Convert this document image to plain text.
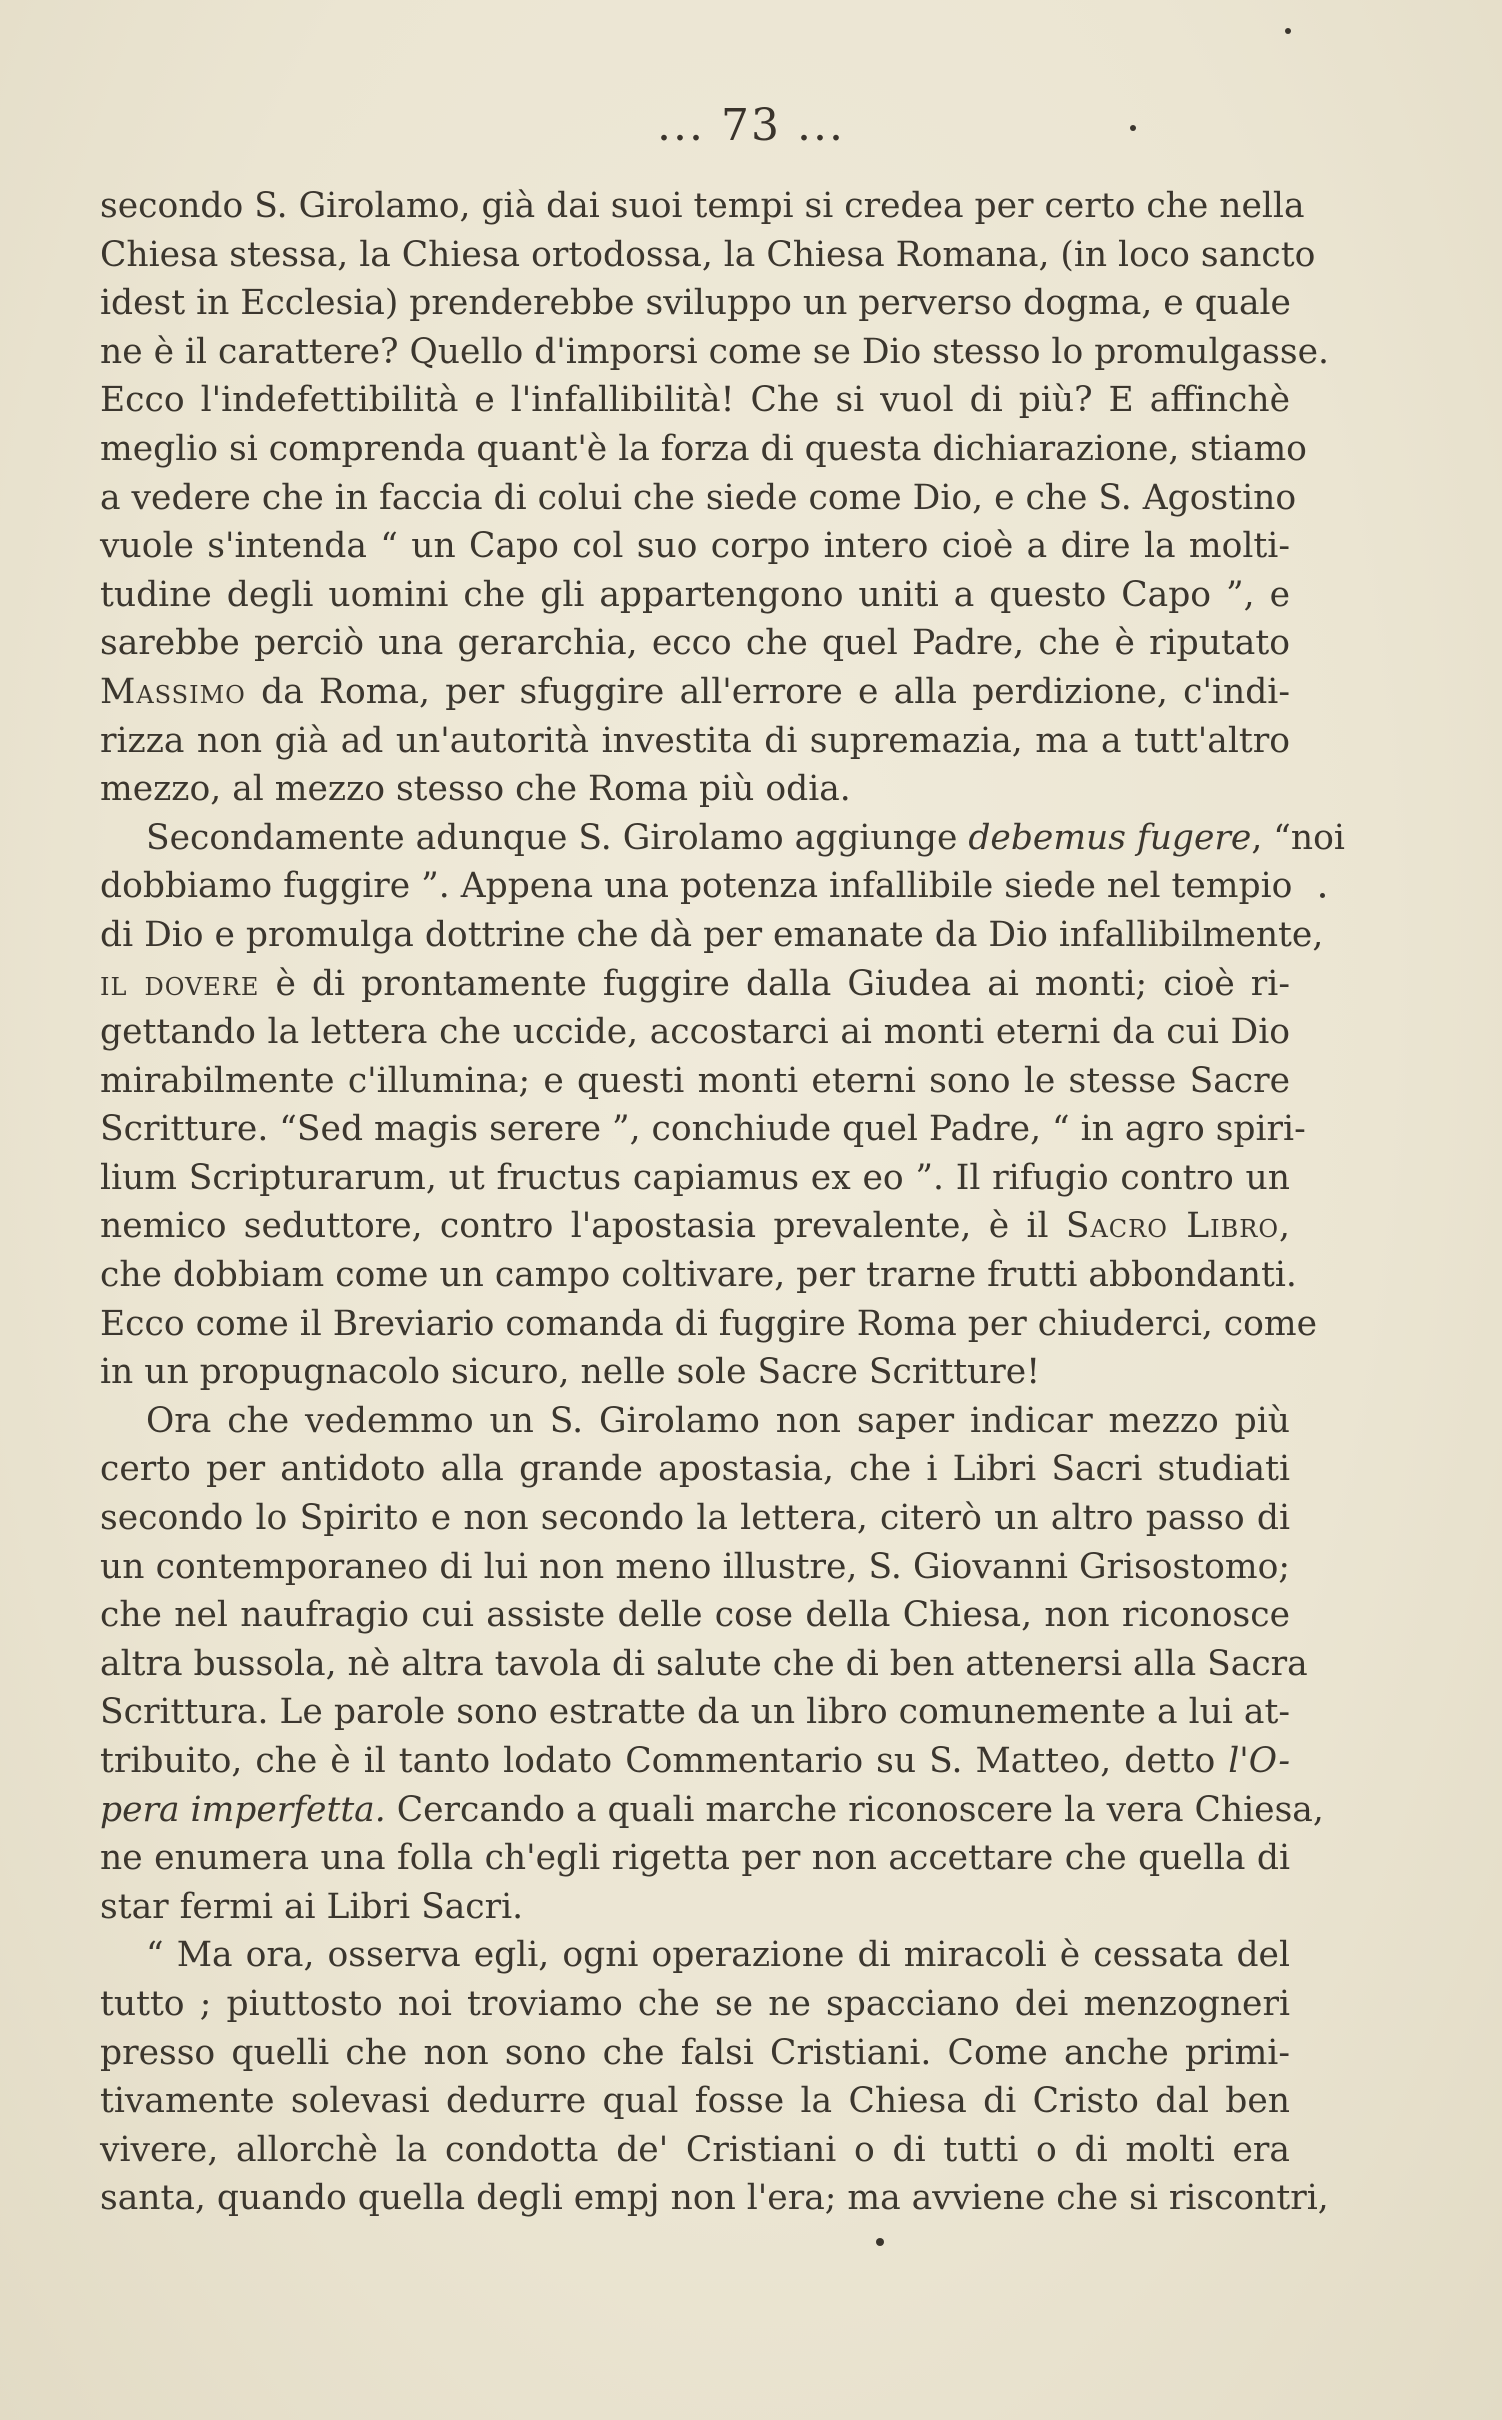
... 73 ...
secondo S. Girolamo, già dai suoi tempi si credea per certo che nella
Chiesa stessa, la Chiesa ortodossa, la Chiesa Romana, (in loco sancto
idest in Ecclesia) prenderebbe sviluppo un perverso dogma, e quale
ne è il carattere? Quello d'imporsi come se Dio stesso lo promulgasse.
Ecco l'indefettibilità e l'infallibilità! Che si vuol di più? E affinchè
meglio si comprenda quant'è la forza di questa dichiarazione, stiamo
a vedere che in faccia di colui che siede come Dio, e che S. Agostino
vuole s'intenda “ un Capo col suo corpo intero cioè a dire la molti-
tudine degli uomini che gli appartengono uniti a questo Capo ”, e
sarebbe perciò una gerarchia, ecco che quel Padre, che è riputato
Massimo da Roma, per sfuggire all'errore e alla perdizione, c'indi-
rizza non già ad un'autorità investita di supremazia, ma a tutt'altro
mezzo, al mezzo stesso che Roma più odia.
Secondamente adunque S. Girolamo aggiunge debemus fugere, “noi
dobbiamo fuggire ”. Appena una potenza infallibile siede nel tempio
di Dio e promulga dottrine che dà per emanate da Dio infallibilmente,
il dovere è di prontamente fuggire dalla Giudea ai monti; cioè ri-
gettando la lettera che uccide, accostarci ai monti eterni da cui Dio
mirabilmente c'illumina; e questi monti eterni sono le stesse Sacre
Scritture. “Sed magis serere ”, conchiude quel Padre, “ in agro spiri-
lium Scripturarum, ut fructus capiamus ex eo ”. Il rifugio contro un
nemico seduttore, contro l'apostasia prevalente, è il Sacro Libro,
che dobbiam come un campo coltivare, per trarne frutti abbondanti.
Ecco come il Breviario comanda di fuggire Roma per chiuderci, come
in un propugnacolo sicuro, nelle sole Sacre Scritture!
Ora che vedemmo un S. Girolamo non saper indicar mezzo più
certo per antidoto alla grande apostasia, che i Libri Sacri studiati
secondo lo Spirito e non secondo la lettera, citerò un altro passo di
un contemporaneo di lui non meno illustre, S. Giovanni Grisostomo;
che nel naufragio cui assiste delle cose della Chiesa, non riconosce
altra bussola, nè altra tavola di salute che di ben attenersi alla Sacra
Scrittura. Le parole sono estratte da un libro comunemente a lui at-
tribuito, che è il tanto lodato Commentario su S. Matteo, detto l'O-
pera imperfetta. Cercando a quali marche riconoscere la vera Chiesa,
ne enumera una folla ch'egli rigetta per non accettare che quella di
star fermi ai Libri Sacri.
“ Ma ora, osserva egli, ogni operazione di miracoli è cessata del
tutto ; piuttosto noi troviamo che se ne spacciano dei menzogneri
presso quelli che non sono che falsi Cristiani. Come anche primi-
tivamente solevasi dedurre qual fosse la Chiesa di Cristo dal ben
vivere, allorchè la condotta de' Cristiani o di tutti o di molti era
santa, quando quella degli empj non l'era; ma avviene che si riscontri,
